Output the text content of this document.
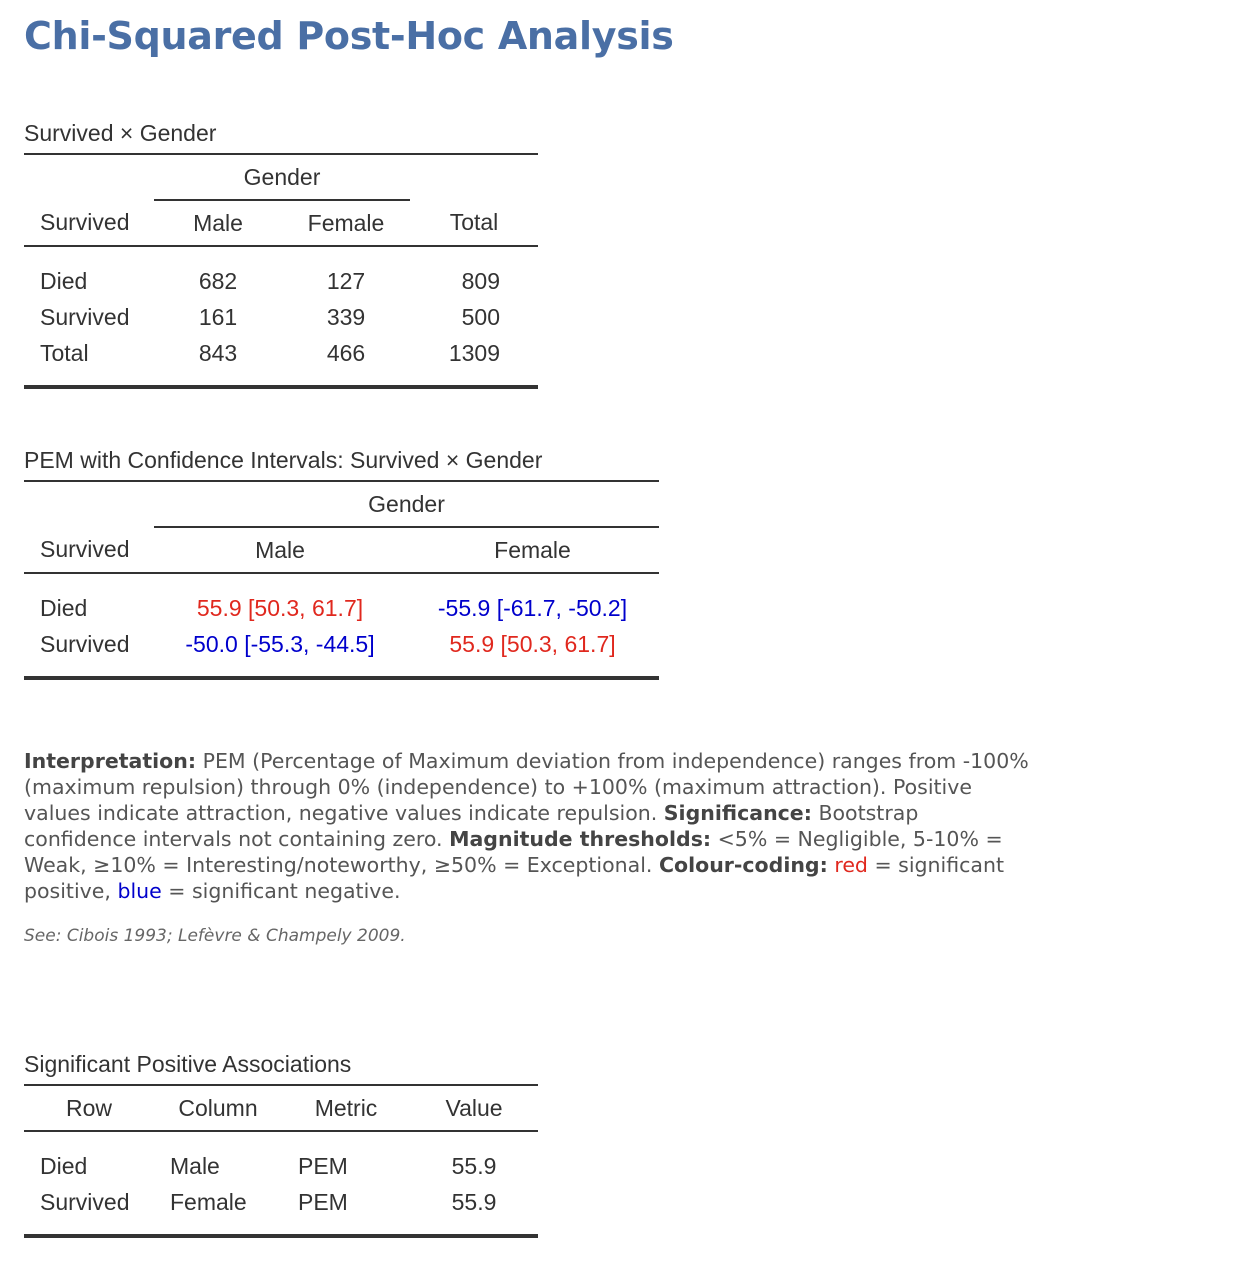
Chi-Squared Post-Hoc Analysis
Survived × Gender
	Gender		
Survived	Male	Female	Total
Died	682	127	809
Survived	161	339	500
Total	843	466	1309
PEM with Confidence Intervals: Survived × Gender
	Gender	
Survived	Male	Female
Died	55.9 [50.3, 61.7]	-55.9 [-61.7, -50.2]
Survived	-50.0 [-55.3, -44.5]	55.9 [50.3, 61.7]
Interpretation: PEM (Percentage of Maximum deviation from independence) ranges from -100% (maximum repulsion) through 0% (independence) to +100% (maximum attraction). Positive values indicate attraction, negative values indicate repulsion. Significance: Bootstrap confidence intervals not containing zero. Magnitude thresholds: <5% = Negligible, 5-10% = Weak, ≥10% = Interesting/noteworthy, ≥50% = Exceptional. Colour-coding: red = significant positive, blue = significant negative.
See: Cibois 1993; Lefèvre & Champely 2009.
Significant Positive Associations
Row	Column	Metric	Value
Died	Male	PEM	55.9
Survived	Female	PEM	55.9
